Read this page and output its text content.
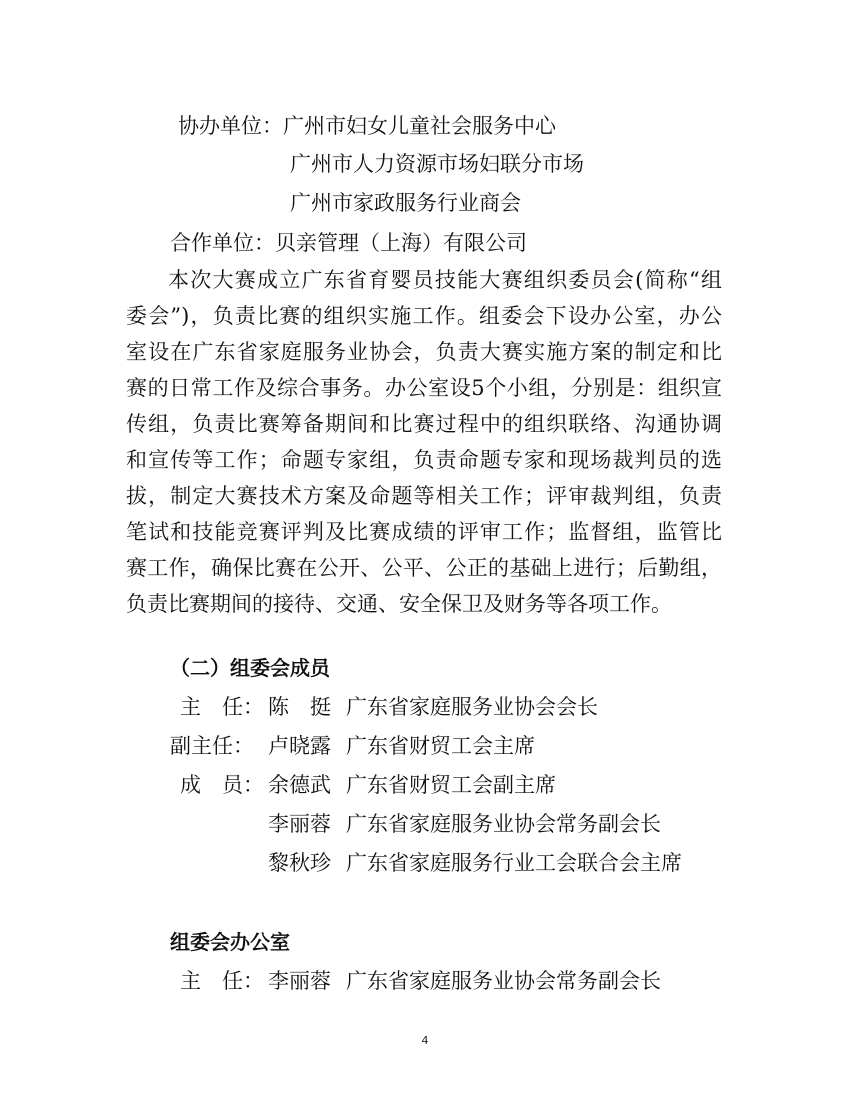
协办单位：广州市妇女儿童社会服务中心
广州市人力资源市场妇联分市场
广州市家政服务行业商会
合作单位：贝亲管理（上海）有限公司
本次大赛成立广东省育婴员技能大赛组织委员会(简称“组
委会”)，负责比赛的组织实施工作。组委会下设办公室，办公
室设在广东省家庭服务业协会，负责大赛实施方案的制定和比
赛的日常工作及综合事务。办公室设5个小组，分别是：组织宣
传组，负责比赛筹备期间和比赛过程中的组织联络、沟通协调
和宣传等工作；命题专家组，负责命题专家和现场裁判员的选
拔，制定大赛技术方案及命题等相关工作；评审裁判组，负责
笔试和技能竞赛评判及比赛成绩的评审工作；监督组，监管比
赛工作，确保比赛在公开、公平、公正的基础上进行；后勤组，
负责比赛期间的接待、交通、安全保卫及财务等各项工作。
（二）组委会成员
主　任： 陈　挺 广东省家庭服务业协会会长
副主任： 卢晓露 广东省财贸工会主席
成　员： 余德武 广东省财贸工会副主席
李丽蓉 广东省家庭服务业协会常务副会长
黎秋珍 广东省家庭服务行业工会联合会主席
组委会办公室
主　任： 李丽蓉 广东省家庭服务业协会常务副会长
4
